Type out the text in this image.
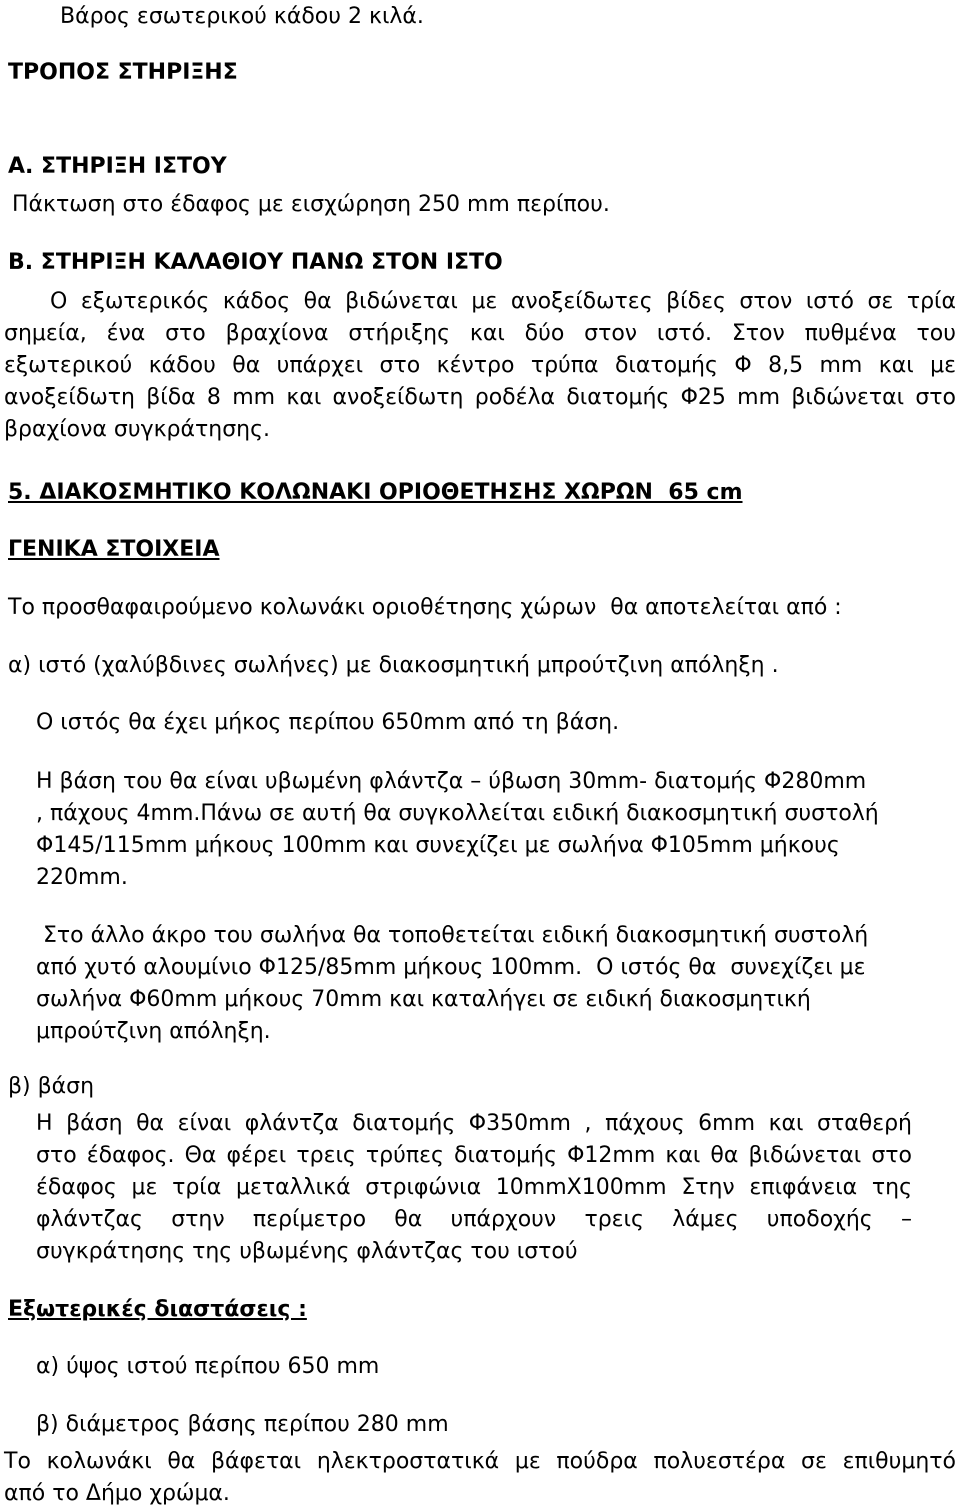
Βάρος εσωτερικού κάδου 2 κιλά.

ΤΡΟΠΟΣ ΣΤΗΡΙΞΗΣ

Α. ΣΤΗΡΙΞΗ ΙΣΤΟΥ

Πάκτωση στο έδαφος με εισχώρηση 250 mm περίπου.

Β. ΣΤΗΡΙΞΗ ΚΑΛΑΘΙΟΥ ΠΑΝΩ ΣΤΟΝ ΙΣΤΟ

Ο εξωτερικός κάδος θα βιδώνεται με ανοξείδωτες βίδες στον ιστό σε τρία
σημεία, ένα στο βραχίονα στήριξης και δύο στον ιστό. Στον πυθμένα του
εξωτερικού κάδου θα υπάρχει στο κέντρο τρύπα διατομής Φ 8,5 mm και με
ανοξείδωτη βίδα 8 mm και ανοξείδωτη ροδέλα διατομής Φ25 mm βιδώνεται στο
βραχίονα συγκράτησης.

5. ΔΙΑΚΟΣΜΗΤΙΚΟ ΚΟΛΩΝΑΚΙ ΟΡΙΟΘΕΤΗΣΗΣ ΧΩΡΩΝ  65 cm

ΓΕΝΙΚΑ ΣΤΟΙΧΕΙΑ

Το προσθαφαιρούμενο κολωνάκι οριοθέτησης χώρων  θα αποτελείται από :

α) ιστό (χαλύβδινες σωλήνες) με διακοσμητική μπρούτζινη απόληξη .

Ο ιστός θα έχει μήκος περίπου 650mm από τη βάση.

Η βάση του θα είναι υβωμένη φλάντζα – ύβωση 30mm- διατομής Φ280mm

, πάχους 4mm.Πάνω σε αυτή θα συγκολλείται ειδική διακοσμητική συστολή

Φ145/115mm μήκους 100mm και συνεχίζει με σωλήνα Φ105mm μήκους

220mm.

Στο άλλο άκρο του σωλήνα θα τοποθετείται ειδική διακοσμητική συστολή

από χυτό αλουμίνιο Φ125/85mm μήκους 100mm.  Ο ιστός θα  συνεχίζει με

σωλήνα Φ60mm μήκους 70mm και καταλήγει σε ειδική διακοσμητική

μπρούτζινη απόληξη.

β) βάση

Η βάση θα είναι φλάντζα διατομής Φ350mm , πάχους 6mm και σταθερή
στο έδαφος. Θα φέρει τρεις τρύπες διατομής Φ12mm και θα βιδώνεται στο
έδαφος με τρία μεταλλικά στριφώνια 10mmX100mm Στην επιφάνεια της
φλάντζας στην περίμετρο θα υπάρχουν τρεις λάμες υποδοχής –
συγκράτησης της υβωμένης φλάντζας του ιστού

Εξωτερικές διαστάσεις :

α) ύψος ιστού περίπου 650 mm

β) διάμετρος βάσης περίπου 280 mm

Το κολωνάκι θα βάφεται ηλεκτροστατικά με πούδρα πολυεστέρα σε επιθυμητό
από το Δήμο χρώμα.
